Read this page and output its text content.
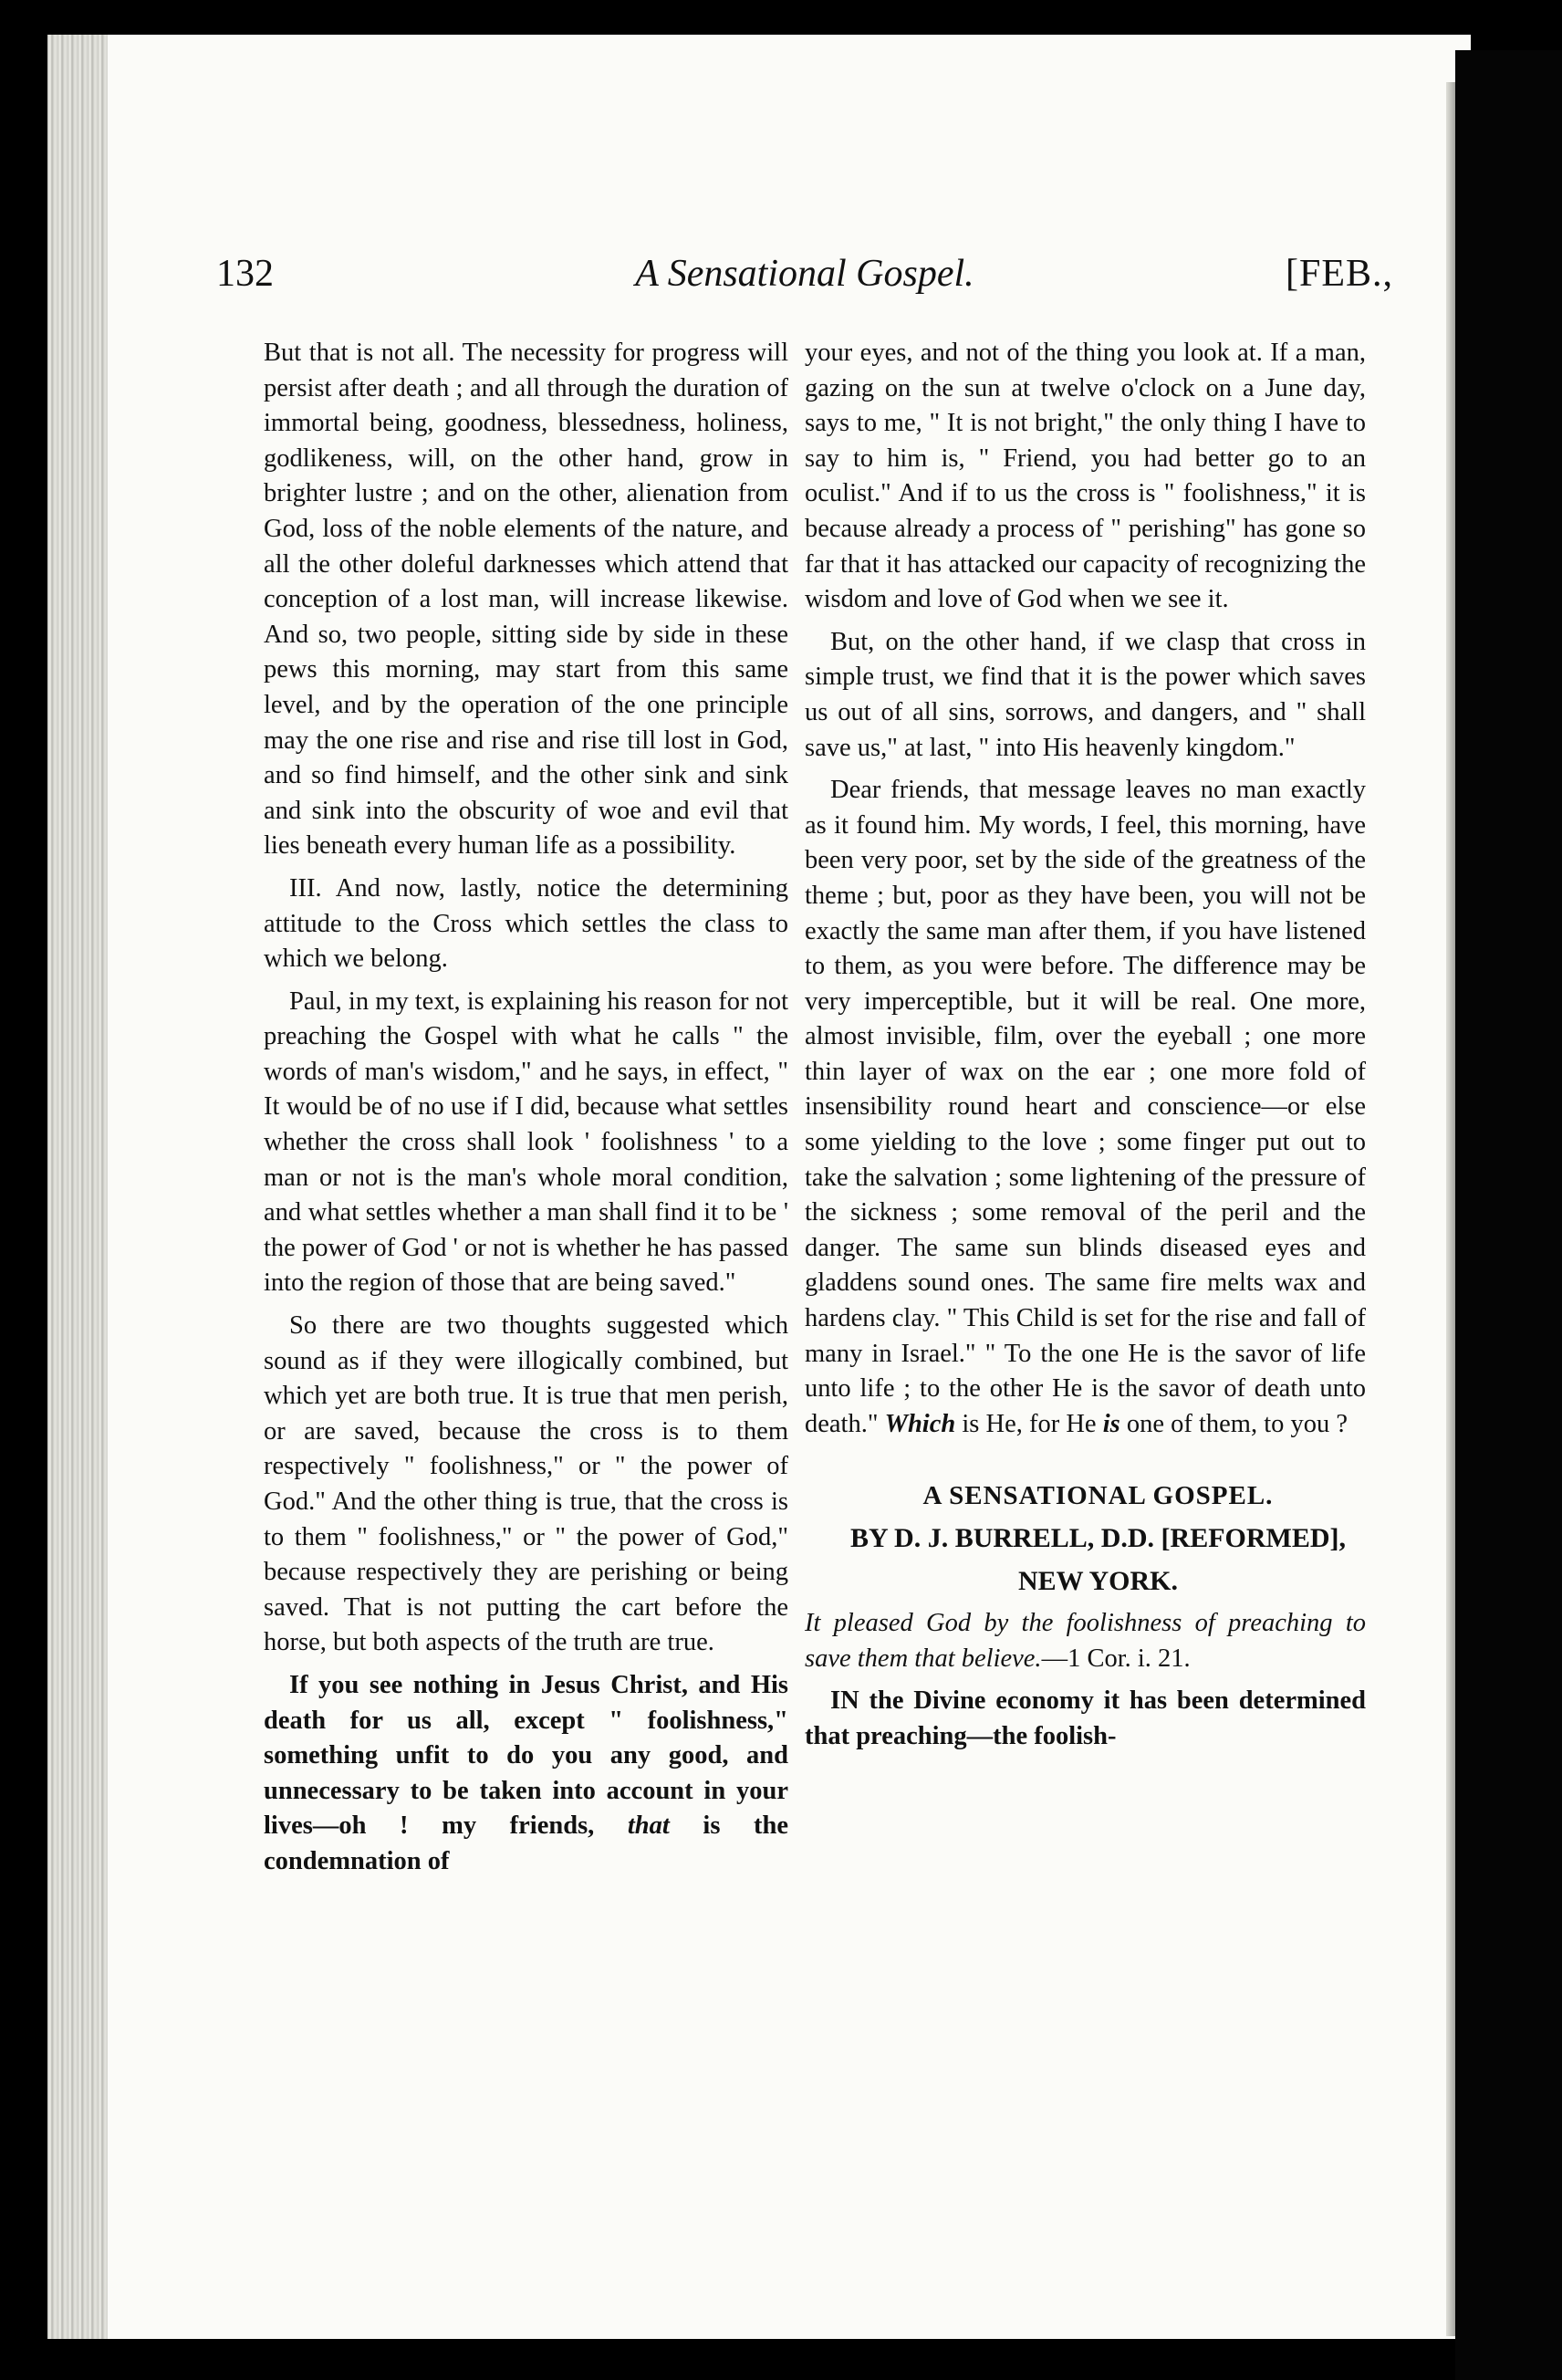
132	A Sensational Gospel.	[FEB.,

But that is not all. The necessity for progress will persist after death ; and all through the duration of immortal being, goodness, blessedness, holiness, godlikeness, will, on the other hand, grow in brighter lustre ; and on the other, alienation from God, loss of the noble elements of the nature, and all the other doleful darknesses which attend that conception of a lost man, will increase likewise. And so, two people, sitting side by side in these pews this morning, may start from this same level, and by the operation of the one principle may the one rise and rise and rise till lost in God, and so find himself, and the other sink and sink and sink into the obscurity of woe and evil that lies beneath every human life as a possibility.

III. And now, lastly, notice the determining attitude to the Cross which settles the class to which we belong.

Paul, in my text, is explaining his reason for not preaching the Gospel with what he calls " the words of man's wisdom," and he says, in effect, " It would be of no use if I did, because what settles whether the cross shall look ' foolishness ' to a man or not is the man's whole moral condition, and what settles whether a man shall find it to be ' the power of God ' or not is whether he has passed into the region of those that are being saved."

So there are two thoughts suggested which sound as if they were illogically combined, but which yet are both true. It is true that men perish, or are saved, because the cross is to them respectively " foolishness," or " the power of God." And the other thing is true, that the cross is to them " foolishness," or " the power of God," because respectively they are perishing or being saved. That is not putting the cart before the horse, but both aspects of the truth are true.

If you see nothing in Jesus Christ, and His death for us all, except " foolishness," something unfit to do you any good, and unnecessary to be taken into account in your lives—oh ! my friends, that is the condemnation of

your eyes, and not of the thing you look at. If a man, gazing on the sun at twelve o'clock on a June day, says to me, " It is not bright," the only thing I have to say to him is, " Friend, you had better go to an oculist." And if to us the cross is " foolishness," it is because already a process of " perishing" has gone so far that it has attacked our capacity of recognizing the wisdom and love of God when we see it.

But, on the other hand, if we clasp that cross in simple trust, we find that it is the power which saves us out of all sins, sorrows, and dangers, and " shall save us," at last, " into His heavenly kingdom."

Dear friends, that message leaves no man exactly as it found him. My words, I feel, this morning, have been very poor, set by the side of the greatness of the theme ; but, poor as they have been, you will not be exactly the same man after them, if you have listened to them, as you were before. The difference may be very imperceptible, but it will be real. One more, almost invisible, film, over the eyeball ; one more thin layer of wax on the ear ; one more fold of insensibility round heart and conscience—or else some yielding to the love ; some finger put out to take the salvation ; some lightening of the pressure of the sickness ; some removal of the peril and the danger. The same sun blinds diseased eyes and gladdens sound ones. The same fire melts wax and hardens clay. " This Child is set for the rise and fall of many in Israel." " To the one He is the savor of life unto life ; to the other He is the savor of death unto death." Which is He, for He is one of them, to you ?

A SENSATIONAL GOSPEL.

BY D. J. BURRELL, D.D. [REFORMED],

NEW YORK.

It pleased God by the foolishness of preaching to save them that believe.—1 Cor. i. 21.

IN the Divine economy it has been determined that preaching—the foolish-
